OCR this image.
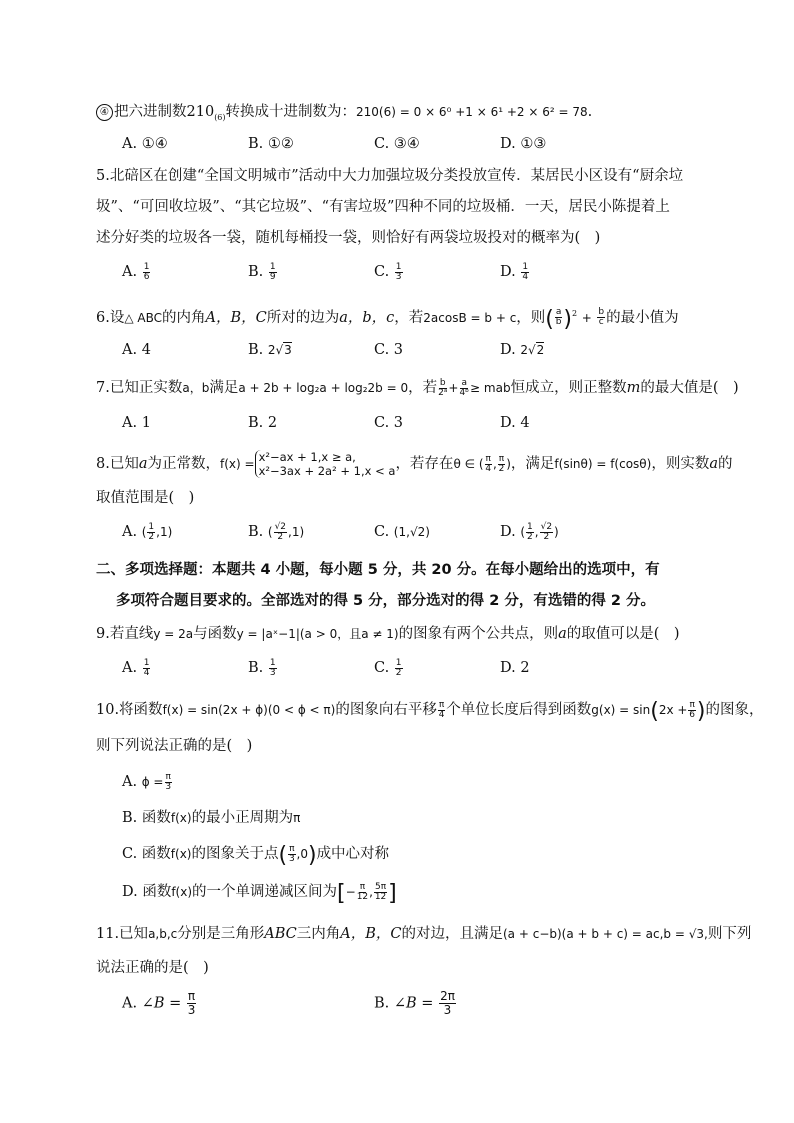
④ 把六进制数$210_{(6)}$转换成十进制数为：210(6) = 0 × 6⁰ +1 × 6¹ +2 × 6² = 78.
A. ①④	B. ①②	C. ③④	D. ①③
5.北碚区在创建“全国文明城市”活动中大力加强垃圾分类投放宣传．某居民小区设有“厨余垃
圾”、“可回收垃圾”、“其它垃圾”、“有害垃圾”四种不同的垃圾桶．一天，居民小陈提着上
述分好类的垃圾各一袋，随机每桶投一袋，则恰好有两袋垃圾投对的概率为(　)
A. $\frac{1}{6}$	B. $\frac{1}{9}$	C. $\frac{1}{3}$	D. $\frac{1}{4}$
6.设△ ABC的内角A，B，C所对的边为a，b，c，若2acosB = b + c，则( $\frac{a}{b} )^2 + \frac{b}{c}$ 的最小值为
A. 4	B. 2√3	C. 3	D. 2√2
7.已知正实数a，b满足a + 2b + log₂a + log₂2b = 0，若 $\frac{b}{\text{2ᵃ}} + \frac{a}{\text{4ᵇ}}$ ≥ mab恒成立，则正整数m的最大值是(　)
A. 1	B. 2	C. 3	D. 4
8.已知a为正常数，f(x) = x²−ax + 1,x ≥ a,
x²−3ax + 2a² + 1,x < a，若存在θ ∈ ( $\frac{\pi}{4}$ , $\frac{\pi}{2}$ )，满足f(sinθ) = f(cosθ)，则实数a的
取值范围是(　)
A. ( $\frac{1}{2} ,1$)	B. ( $\frac{√2}{2} ,1$)	C. (1,√2)	D. ( $\frac{1}{2}$ , $\frac{√2}{2}$ )
二、多项选择题：本题共 4 小题，每小题 5 分，共 20 分。在每小题给出的选项中，有
多项符合题目要求的。全部选对的得 5 分，部分选对的得 2 分，有选错的得 2 分。
9.若直线y = 2a与函数y = |aˣ−1|(a > 0，且a ≠ 1)的图象有两个公共点，则a的取值可以是(　)
A. $\frac{1}{4}$	B. $\frac{1}{3}$	C. $\frac{1}{2}$	D. 2
10.将函数f(x) = sin(2x + ϕ)(0 < ϕ < π)的图象向右平移 $\frac{\pi}{4}$ 个单位长度后得到函数$g(x) = \sin(2x + \frac{\pi}{6}$ )的图象，
则下列说法正确的是(　)
A. $\phi = \frac{\pi}{3}$
B. 函数f(x)的最小正周期为π
C. 函数f(x)的图象关于点( $\frac{\pi}{3} ,0$)成中心对称
D. 函数f(x)的一个单调递减区间为[− $\frac{\pi}{12}$ , $\frac{5\pi}{12}$ ]
11.已知a,b,c分别是三角形ABC三内角A，B，C的对边，且满足(a + c−b)(a + b + c) = ac,b = √3,则下列
说法正确的是(　)
A. ∠B = $\frac{\pi}{3}$	B. ∠B = $\frac{2\pi}{3}$
